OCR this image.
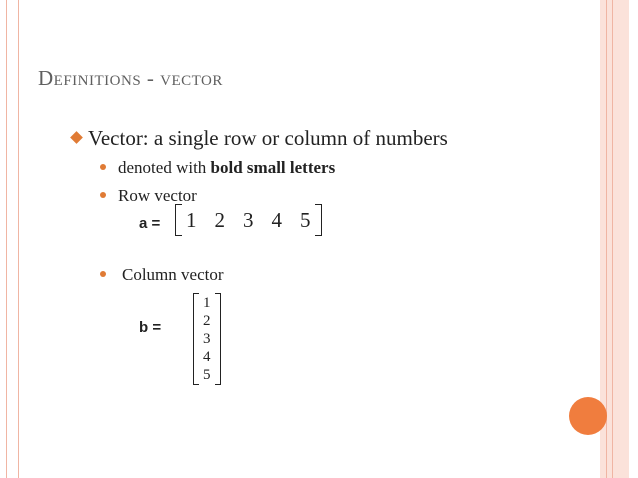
Definitions - vector
Vector: a single row or column of numbers
denoted with bold small letters
Row vector
a = 1 2 3 4 5
Column vector
b =
1
2
3
4
5
